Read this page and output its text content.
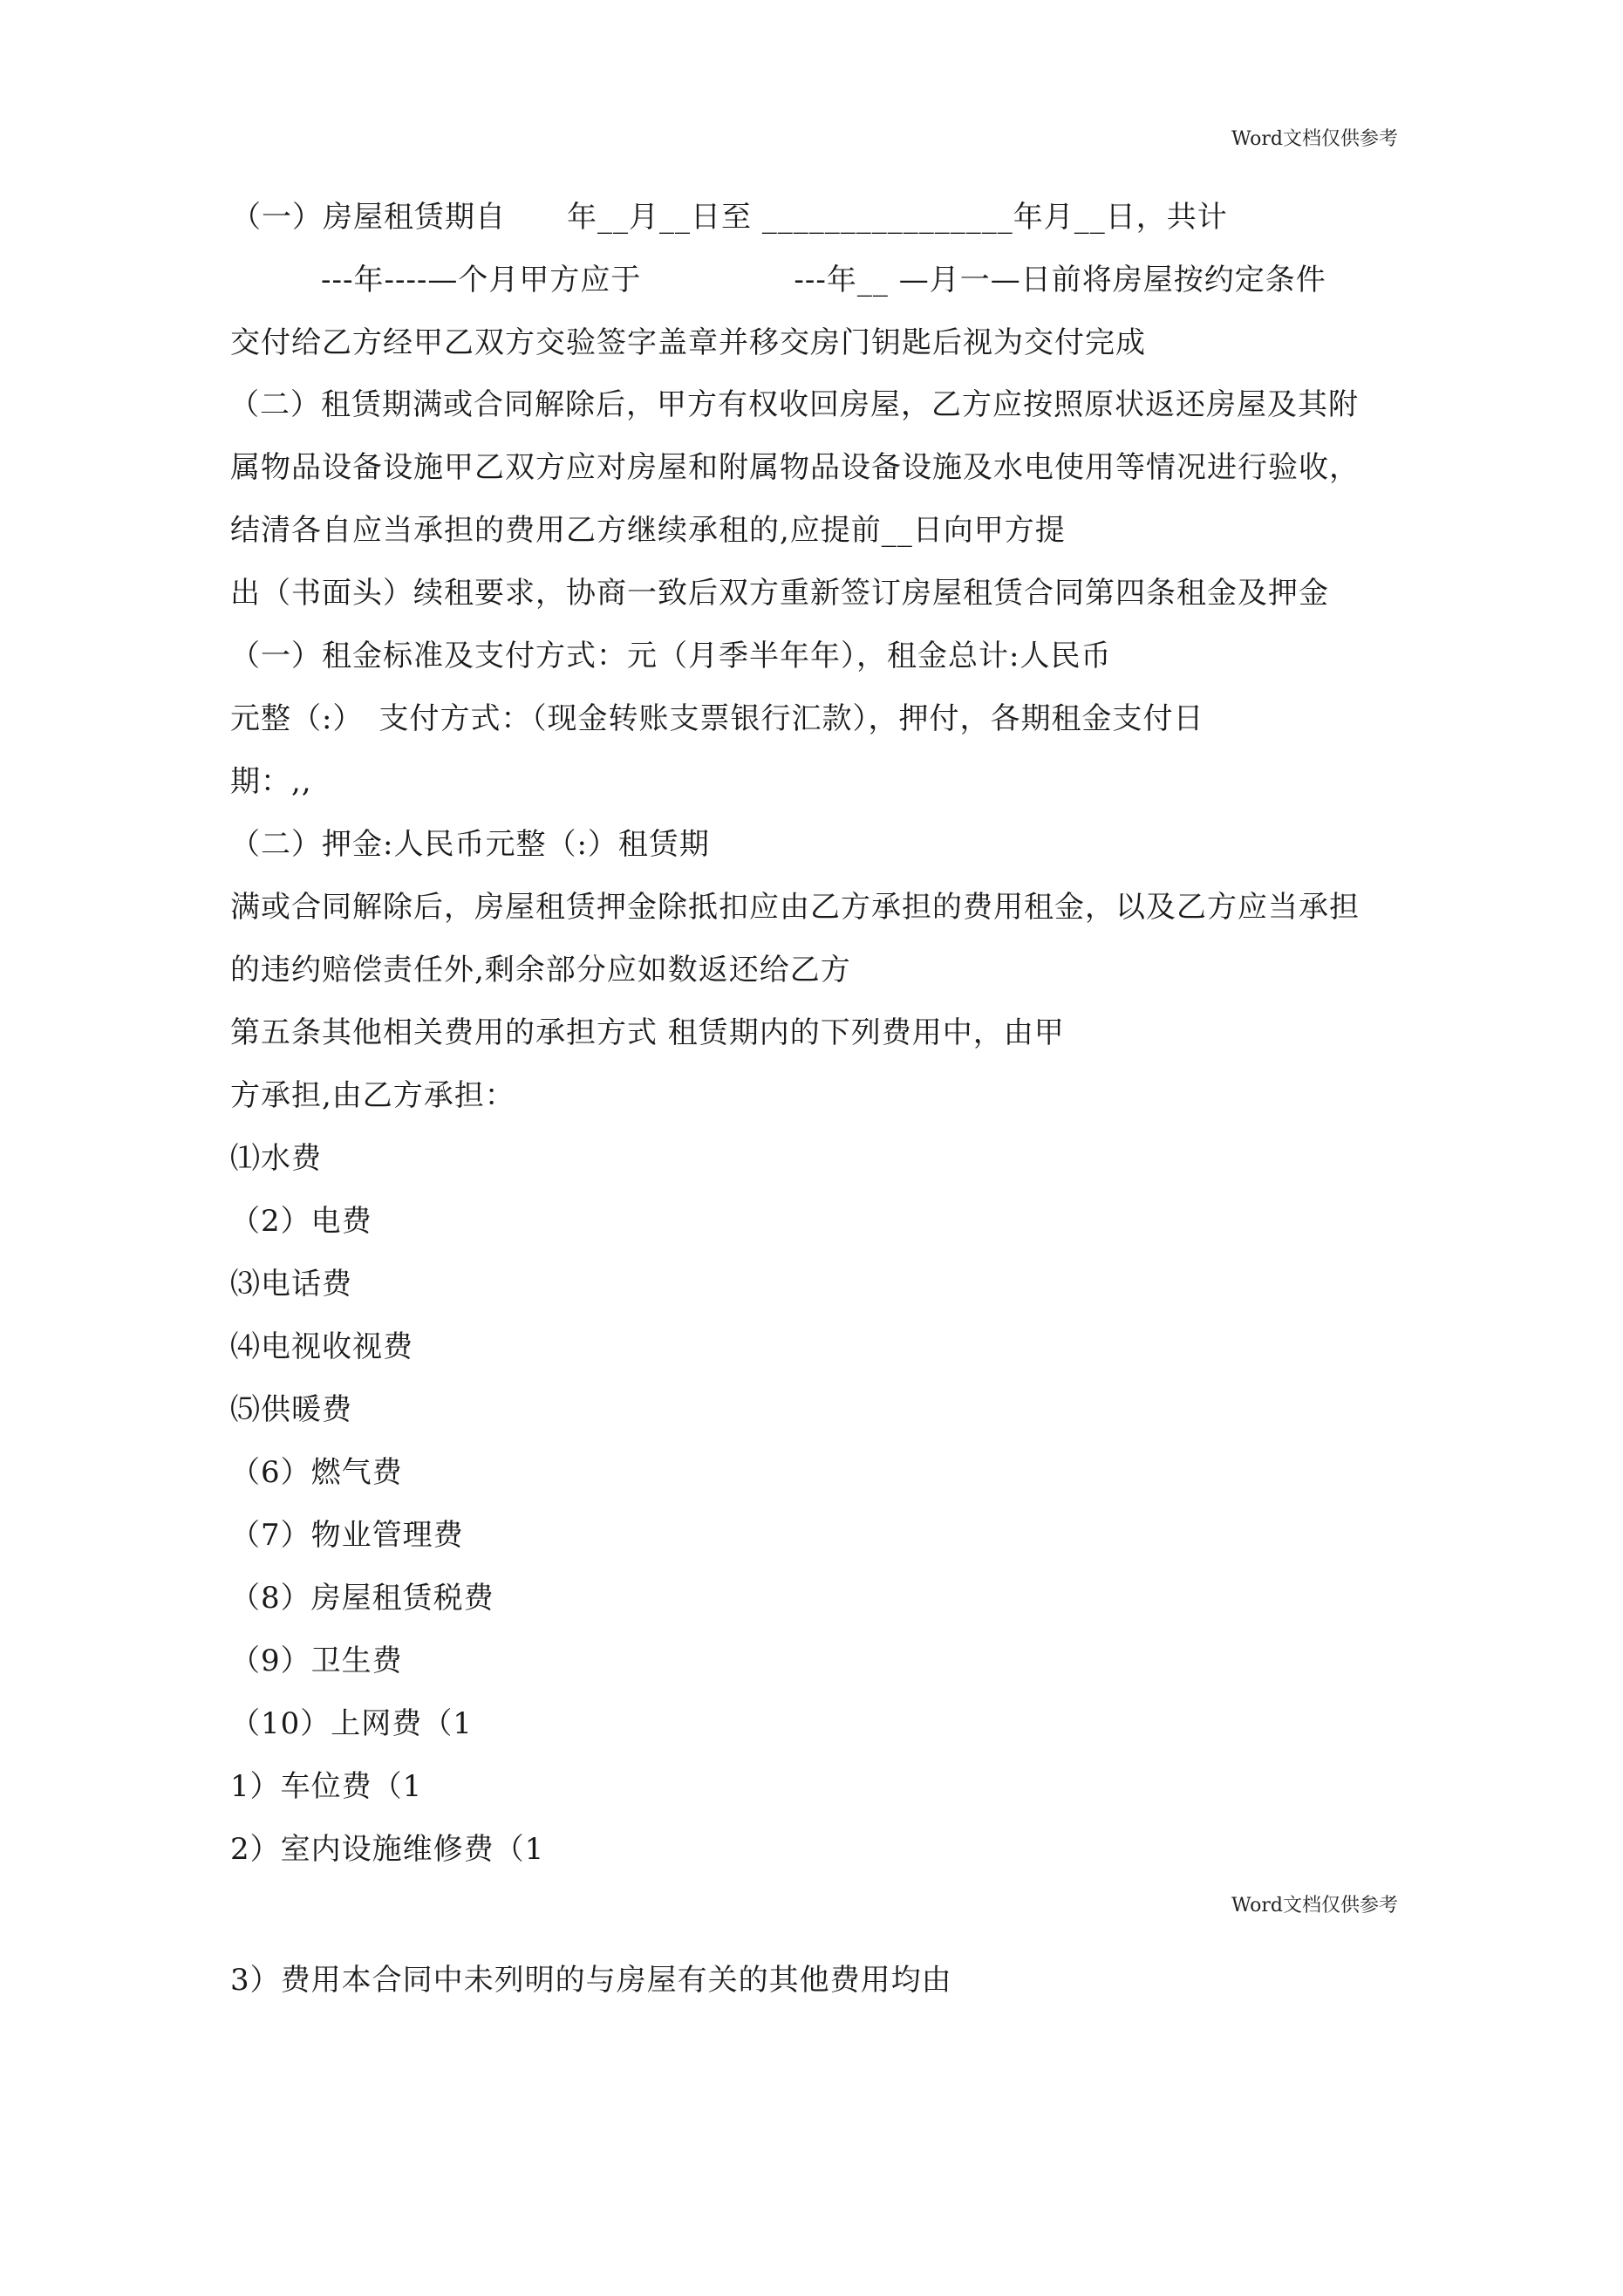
Word文档仅供参考
（一）房屋租赁期自　　年__月__日至 ________________年月__日，共计
---年----—个月甲方应于　　　　　---年__ —月一—日前将房屋按约定条件
交付给乙方经甲乙双方交验签字盖章并移交房门钥匙后视为交付完成
（二）租赁期满或合同解除后，甲方有权收回房屋，乙方应按照原状返还房屋及其附
属物品设备设施甲乙双方应对房屋和附属物品设备设施及水电使用等情况进行验收，
结清各自应当承担的费用乙方继续承租的,应提前__日向甲方提
出（书面头）续租要求，协商一致后双方重新签订房屋租赁合同第四条租金及押金
（一）租金标准及支付方式：元（月季半年年），租金总计:人民币
元整（:）　支付方式：（现金转账支票银行汇款），押付，各期租金支付日
期：,,
（二）押金:人民币元整（:）租赁期
满或合同解除后，房屋租赁押金除抵扣应由乙方承担的费用租金，以及乙方应当承担
的违约赔偿责任外,剩余部分应如数返还给乙方
第五条其他相关费用的承担方式 租赁期内的下列费用中，由甲
方承担,由乙方承担：
⑴水费
（2）电费
⑶电话费
⑷电视收视费
⑸供暖费
（6）燃气费
（7）物业管理费
（8）房屋租赁税费
（9）卫生费
（10）上网费（1
1）车位费（1
2）室内设施维修费（1
Word文档仅供参考
3）费用本合同中未列明的与房屋有关的其他费用均由
